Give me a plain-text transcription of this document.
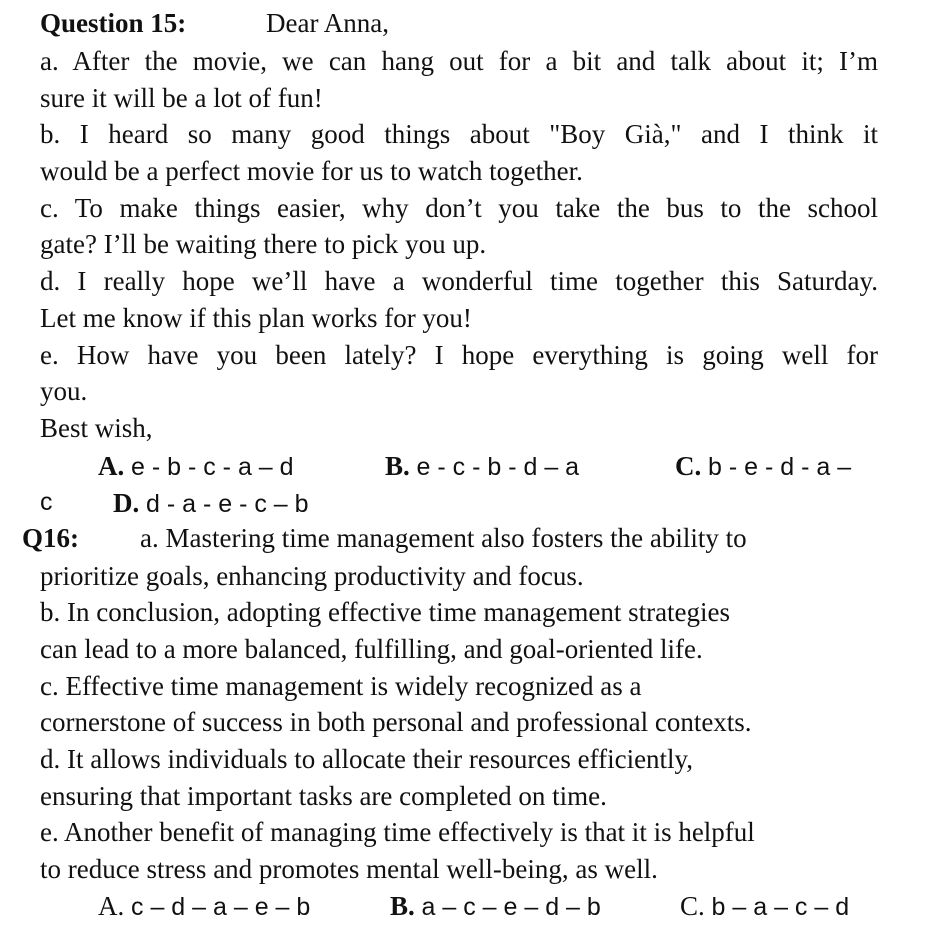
Question 15:	Dear Anna,
a. After the movie, we can hang out for a bit and talk about it; I’m
sure it will be a lot of fun!
b. I heard so many good things about "Boy Già," and I think it
would be a perfect movie for us to watch together.
c. To make things easier, why don’t you take the bus to the school
gate? I’ll be waiting there to pick you up.
d. I really hope we’ll have a wonderful time together this Saturday.
Let me know if this plan works for you!
e. How have you been lately? I hope everything is going well for
you.
Best wish,
A. e - b - c - a – d	B. e - c - b - d – a	C. b - e - d - a –
c D. d - a - e - c – b
Q16: a. Mastering time management also fosters the ability to
prioritize goals, enhancing productivity and focus.
b. In conclusion, adopting effective time management strategies
can lead to a more balanced, fulfilling, and goal-oriented life.
c. Effective time management is widely recognized as a
cornerstone of success in both personal and professional contexts.
d. It allows individuals to allocate their resources efficiently,
ensuring that important tasks are completed on time.
e. Another benefit of managing time effectively is that it is helpful
to reduce stress and promotes mental well-being, as well.
A. c – d – a – e – b	B. a – c – e – d – b	C. b – a – c – d
